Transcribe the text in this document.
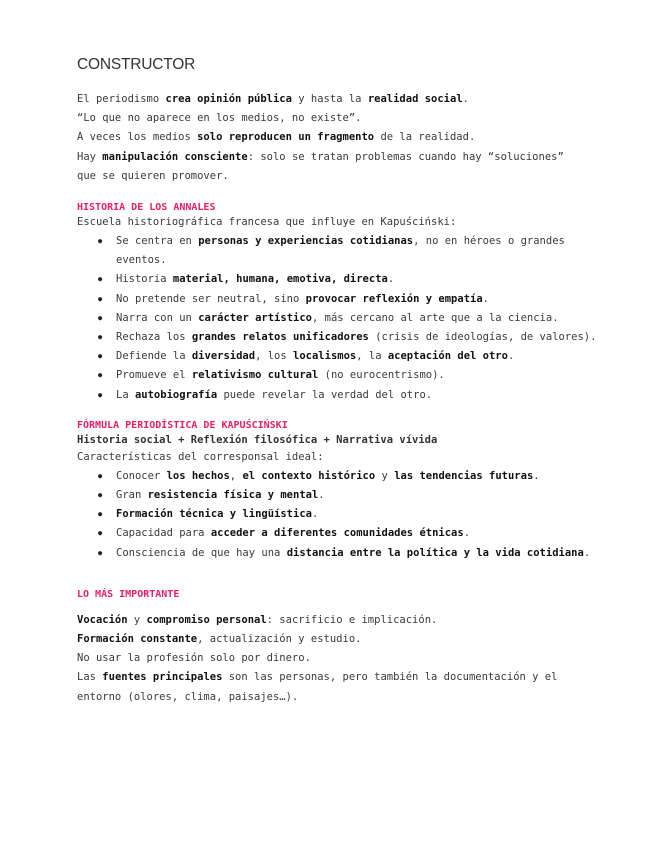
CONSTRUCTOR

El periodismo crea opinión pública y hasta la realidad social.

“Lo que no aparece en los medios, no existe”.

A veces los medios solo reproducen un fragmento de la realidad.

Hay manipulación consciente: solo se tratan problemas cuando hay “soluciones”

que se quieren promover.

HISTORIA DE LOS ANNALES

Escuela historiográfica francesa que influye en Kapuściński:

● Se centra en personas y experiencias cotidianas, no en héroes o grandes eventos.
● Historia material, humana, emotiva, directa.
● No pretende ser neutral, sino provocar reflexión y empatía.
● Narra con un carácter artístico, más cercano al arte que a la ciencia.
● Rechaza los grandes relatos unificadores (crisis de ideologías, de valores).
● Defiende la diversidad, los localismos, la aceptación del otro.
● Promueve el relativismo cultural (no eurocentrismo).
● La autobiografía puede revelar la verdad del otro.

FÓRMULA PERIODÍSTICA DE KAPUŚCIŃSKI

Historia social + Reflexión filosófica + Narrativa vívida

Características del corresponsal ideal:

● Conocer los hechos, el contexto histórico y las tendencias futuras.
● Gran resistencia física y mental.
● Formación técnica y lingüística.
● Capacidad para acceder a diferentes comunidades étnicas.
● Consciencia de que hay una distancia entre la política y la vida cotidiana.

LO MÁS IMPORTANTE

Vocación y compromiso personal: sacrificio e implicación.

Formación constante, actualización y estudio.

No usar la profesión solo por dinero.

Las fuentes principales son las personas, pero también la documentación y el entorno (olores, clima, paisajes…).
